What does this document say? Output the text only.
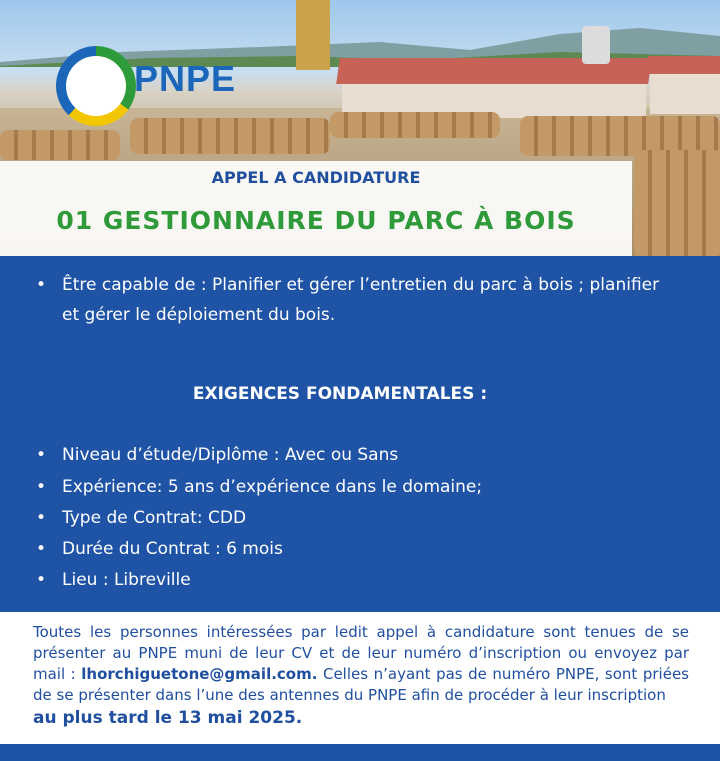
PNPE
APPEL A CANDIDATURE
01 GESTIONNAIRE DU PARC À BOIS
• Être capable de : Planifier et gérer l’entretien du parc à bois ; planifier
et gérer le déploiement du bois.
EXIGENCES FONDAMENTALES :
• Niveau d’étude/Diplôme : Avec ou Sans
• Expérience: 5 ans d’expérience dans le domaine;
• Type de Contrat: CDD
• Durée du Contrat : 6 mois
• Lieu : Libreville
Toutes les personnes intéressées par ledit appel à candidature sont tenues de se présenter au PNPE muni de leur CV et de leur numéro d’inscription ou envoyez par mail : lhorchiguetone@gmail.com. Celles n’ayant pas de numéro PNPE, sont priées de se présenter dans l’une des antennes du PNPE afin de procéder à leur inscription
au plus tard le 13 mai 2025.
